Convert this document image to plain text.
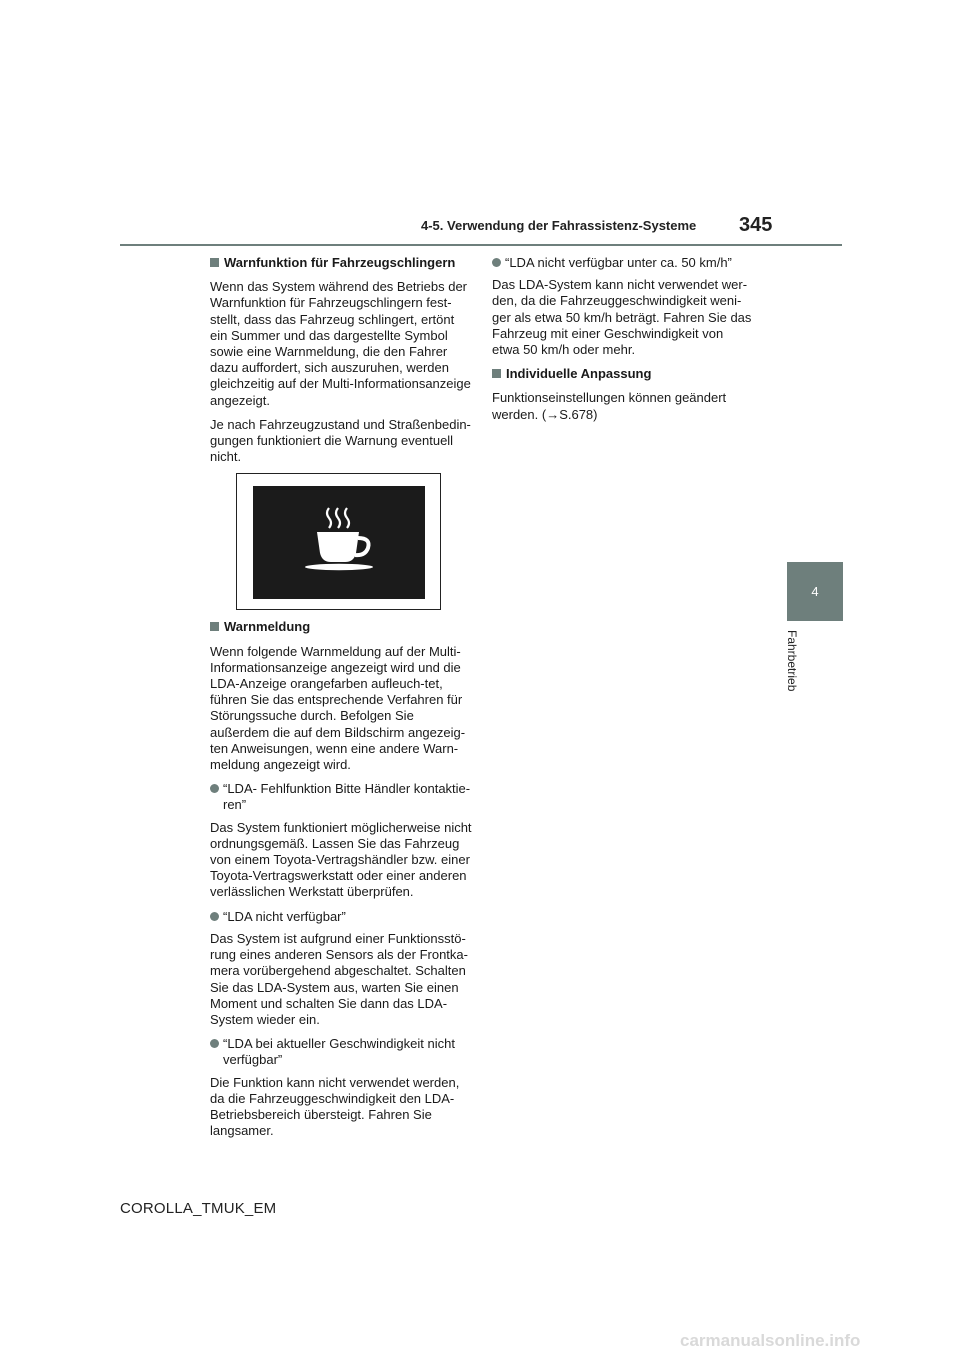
4-5. Verwendung der Fahrassistenz-Systeme 345
4
Fahrbetrieb
Warnfunktion für Fahrzeugschlingern

Wenn das System während des Betriebs der Warnfunktion für Fahrzeugschlingern fest-stellt, dass das Fahrzeug schlingert, ertönt ein Summer und das dargestellte Symbol sowie eine Warnmeldung, die den Fahrer dazu auffordert, sich auszuruhen, werden gleichzeitig auf der Multi-Informationsanzeige angezeigt.

Je nach Fahrzeugzustand und Straßenbedin-gungen funktioniert die Warnung eventuell nicht.

Warnmeldung

Wenn folgende Warnmeldung auf der Multi-Informationsanzeige angezeigt wird und die LDA-Anzeige orangefarben aufleuch-tet, führen Sie das entsprechende Verfahren für Störungssuche durch. Befolgen Sie außerdem die auf dem Bildschirm angezeig-ten Anweisungen, wenn eine andere Warn-meldung angezeigt wird.

“LDA- Fehlfunktion Bitte Händler kontaktie-ren”

Das System funktioniert möglicherweise nicht ordnungsgemäß. Lassen Sie das Fahrzeug von einem Toyota-Vertragshändler bzw. einer Toyota-Vertragswerkstatt oder einer anderen verlässlichen Werkstatt überprüfen.

“LDA nicht verfügbar”

Das System ist aufgrund einer Funktionsstö-rung eines anderen Sensors als der Frontka-mera vorübergehend abgeschaltet. Schalten Sie das LDA-System aus, warten Sie einen Moment und schalten Sie dann das LDA-System wieder ein.

“LDA bei aktueller Geschwindigkeit nicht verfügbar”

Die Funktion kann nicht verwendet werden, da die Fahrzeuggeschwindigkeit den LDA-Betriebsbereich übersteigt. Fahren Sie langsamer.

“LDA nicht verfügbar unter ca. 50 km/h”

Das LDA-System kann nicht verwendet wer-den, da die Fahrzeuggeschwindigkeit weni-ger als etwa 50 km/h beträgt. Fahren Sie das Fahrzeug mit einer Geschwindigkeit von etwa 50 km/h oder mehr.

Individuelle Anpassung

Funktionseinstellungen können geändert werden. (→S.678)

COROLLA_TMUK_EM
carmanualsonline.info
